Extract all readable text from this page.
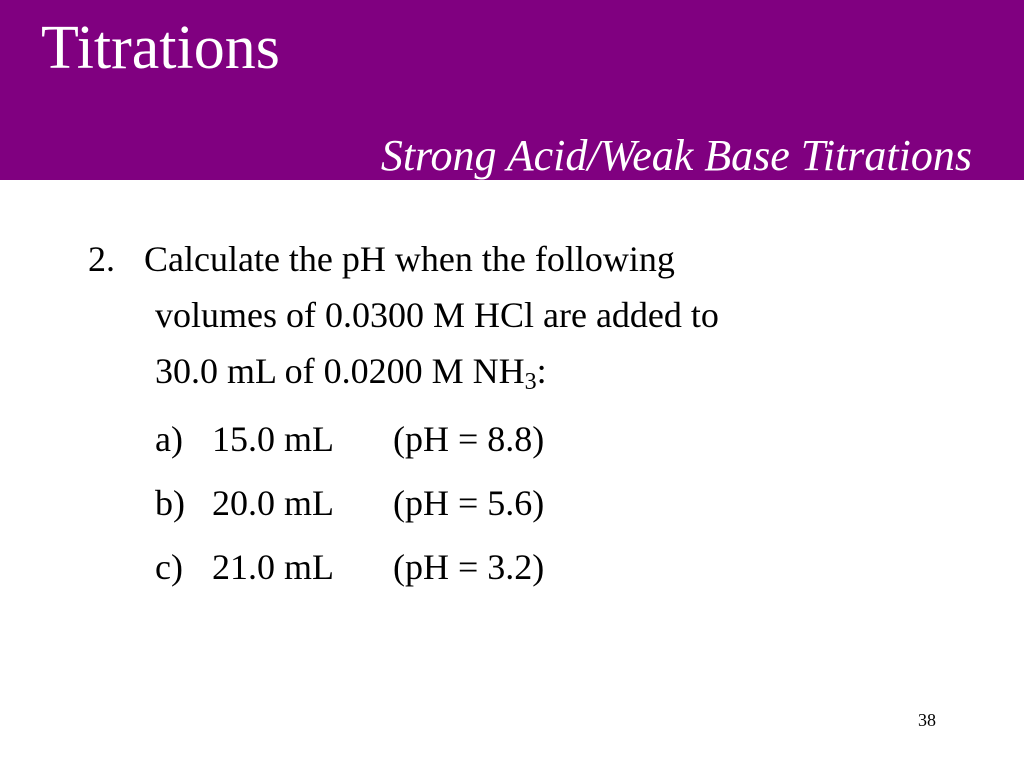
Titrations
Strong Acid/Weak Base Titrations
2. Calculate the pH when the following
volumes of 0.0300 M HCl are added to
30.0 mL of 0.0200 M $NH_3$:
a) 15.0 mL (pH = 8.8)
b) 20.0 mL (pH = 5.6)
c) 21.0 mL (pH = 3.2)
38
